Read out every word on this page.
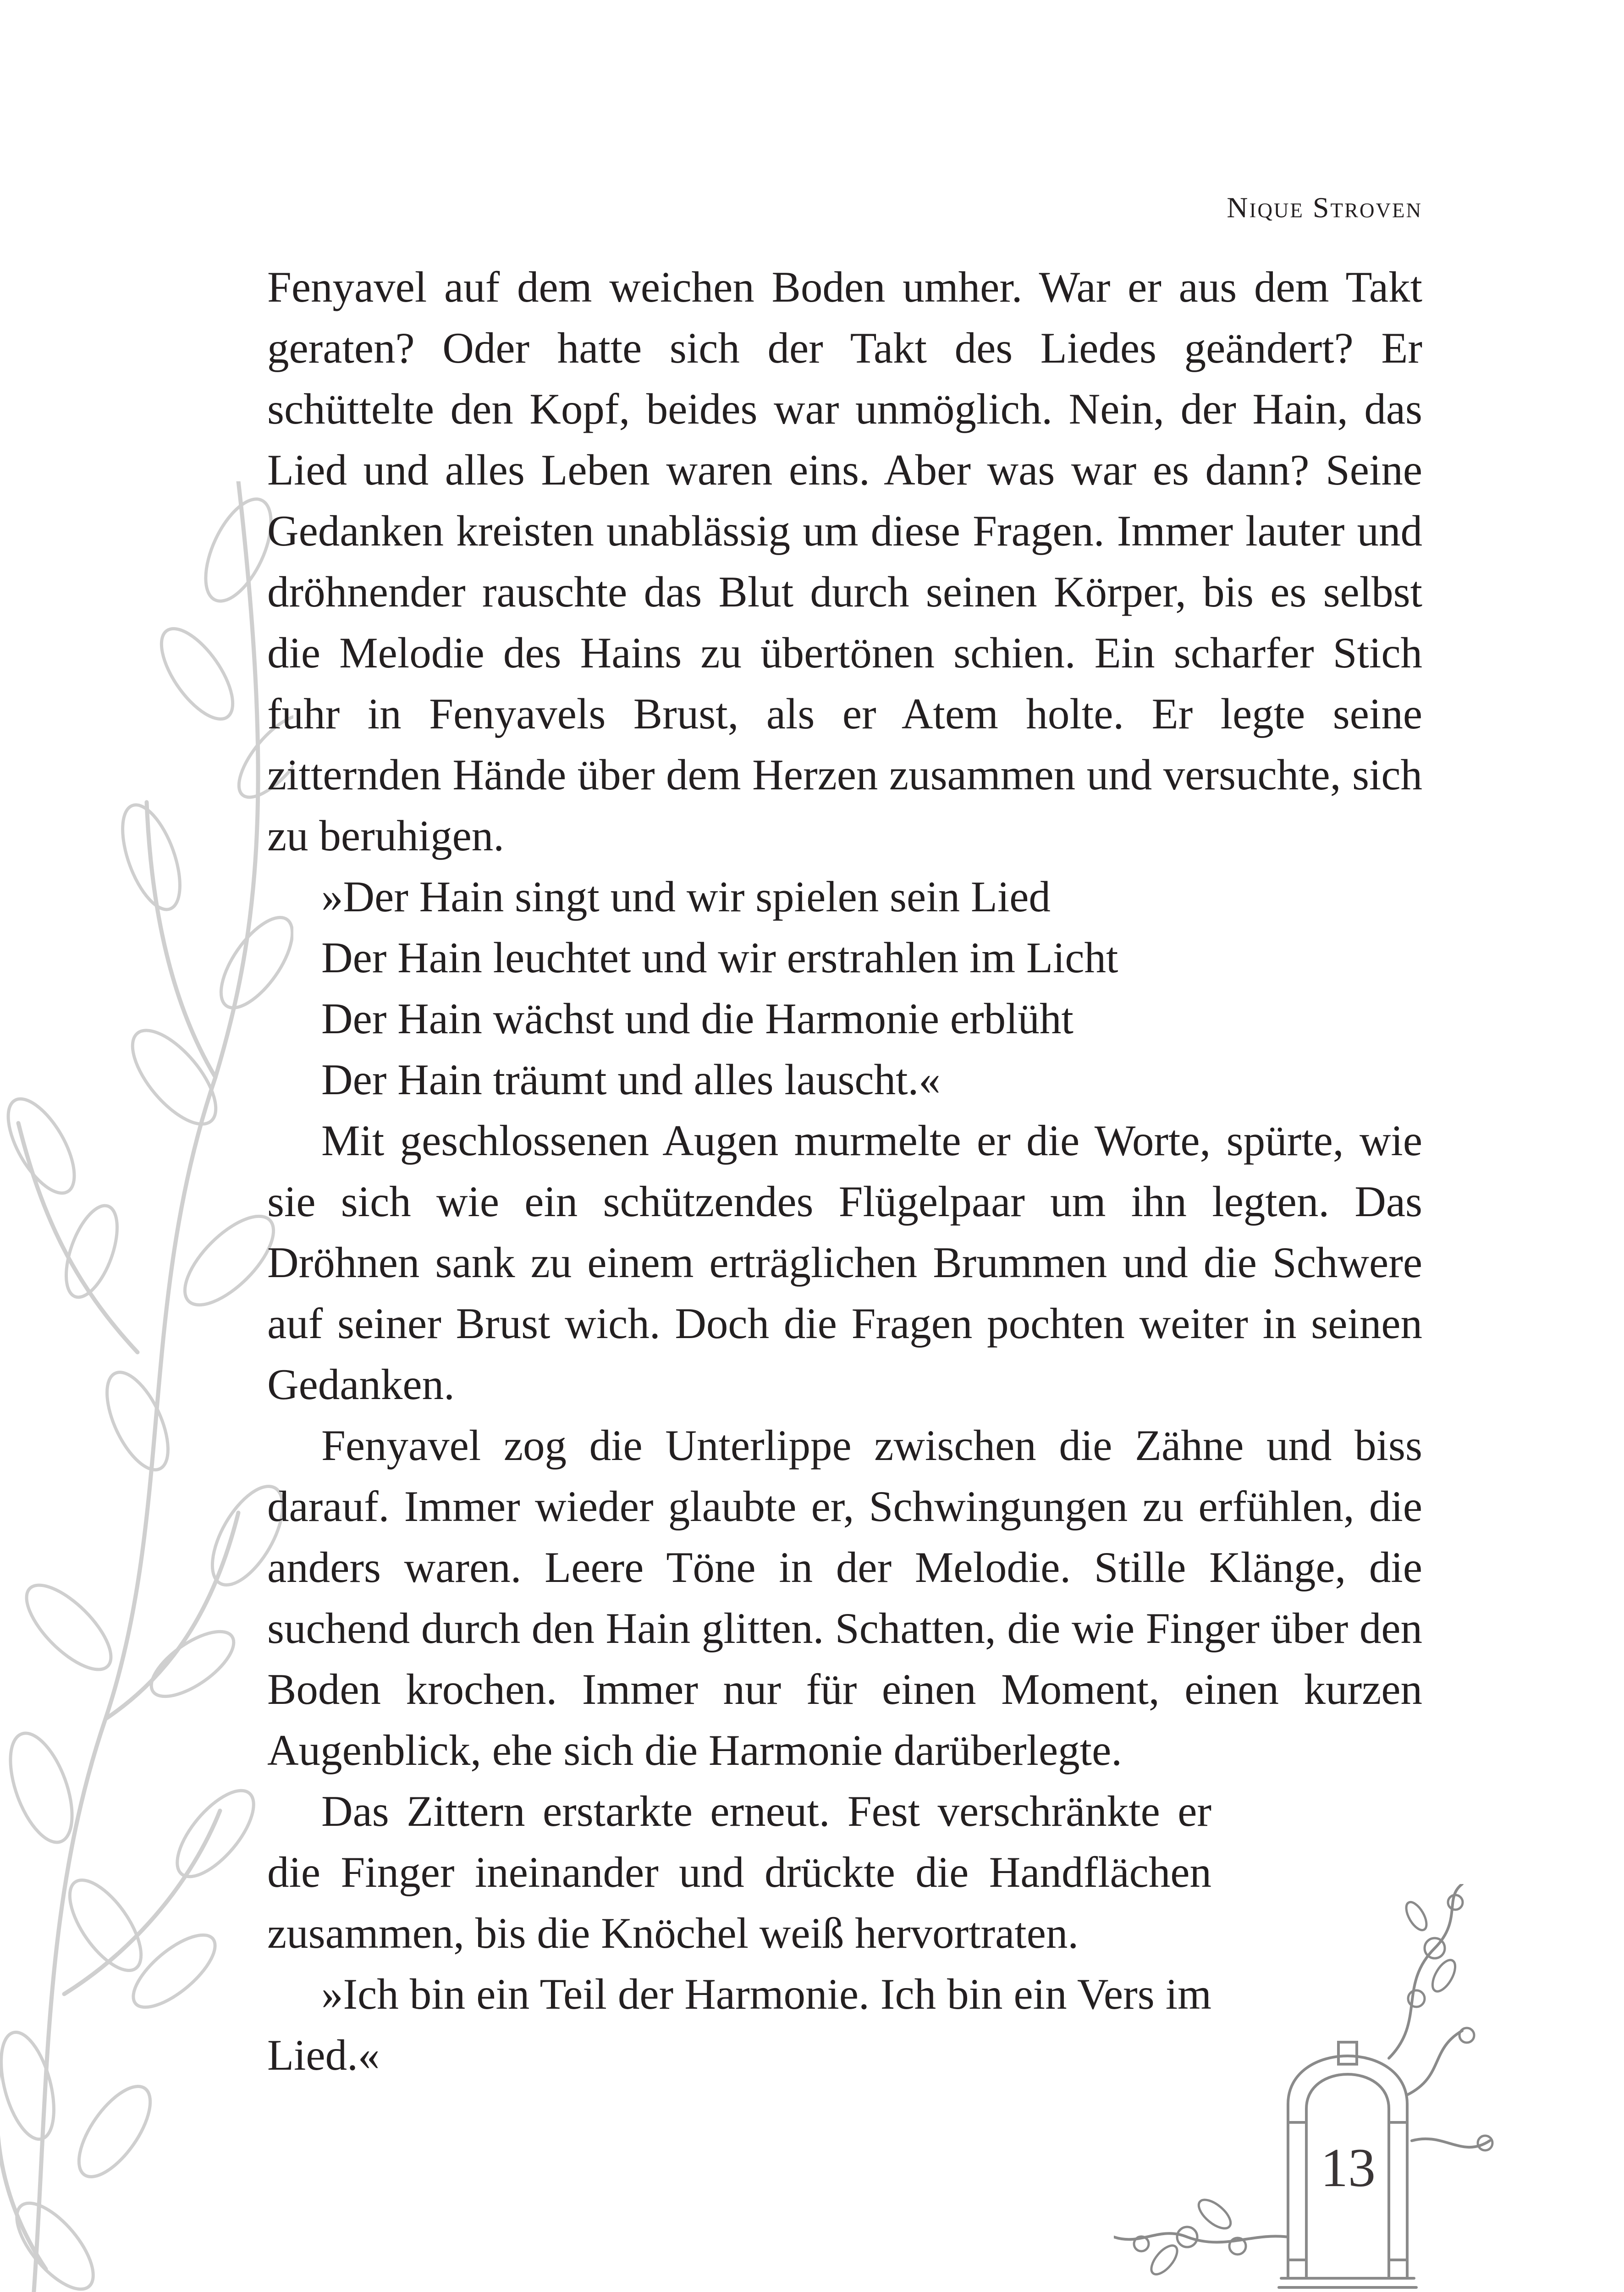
Nique Stroven

Fenyavel auf dem weichen Boden umher. War er aus dem Takt geraten? Oder hatte sich der Takt des Liedes geändert? Er schüttelte den Kopf, beides war unmöglich. Nein, der Hain, das Lied und alles Leben waren eins. Aber was war es dann? Seine Gedanken kreisten unablässig um diese Fragen. Immer lauter und dröhnender rauschte das Blut durch seinen Körper, bis es selbst die Melodie des Hains zu übertönen schien. Ein scharfer Stich fuhr in Fenyavels Brust, als er Atem holte. Er legte seine zitternden Hände über dem Herzen zusammen und versuchte, sich zu beruhigen.

»Der Hain singt und wir spielen sein Lied

Der Hain leuchtet und wir erstrahlen im Licht

Der Hain wächst und die Harmonie erblüht

Der Hain träumt und alles lauscht.«

Mit geschlossenen Augen murmelte er die Worte, spürte, wie sie sich wie ein schützendes Flügelpaar um ihn legten. Das Dröhnen sank zu einem erträglichen Brummen und die Schwere auf seiner Brust wich. Doch die Fragen pochten weiter in seinen Gedanken.

Fenyavel zog die Unterlippe zwischen die Zähne und biss darauf. Immer wieder glaubte er, Schwingungen zu erfühlen, die anders waren. Leere Töne in der Melodie. Stille Klänge, die suchend durch den Hain glitten. Schatten, die wie Finger über den Boden krochen. Immer nur für einen Moment, einen kurzen Augenblick, ehe sich die Harmonie darüberlegte.

Das Zittern erstarkte erneut. Fest verschränkte er die Finger ineinander und drückte die Handflächen zusammen, bis die Knöchel weiß hervortraten.

»Ich bin ein Teil der Harmonie. Ich bin ein Vers im Lied.«

13
